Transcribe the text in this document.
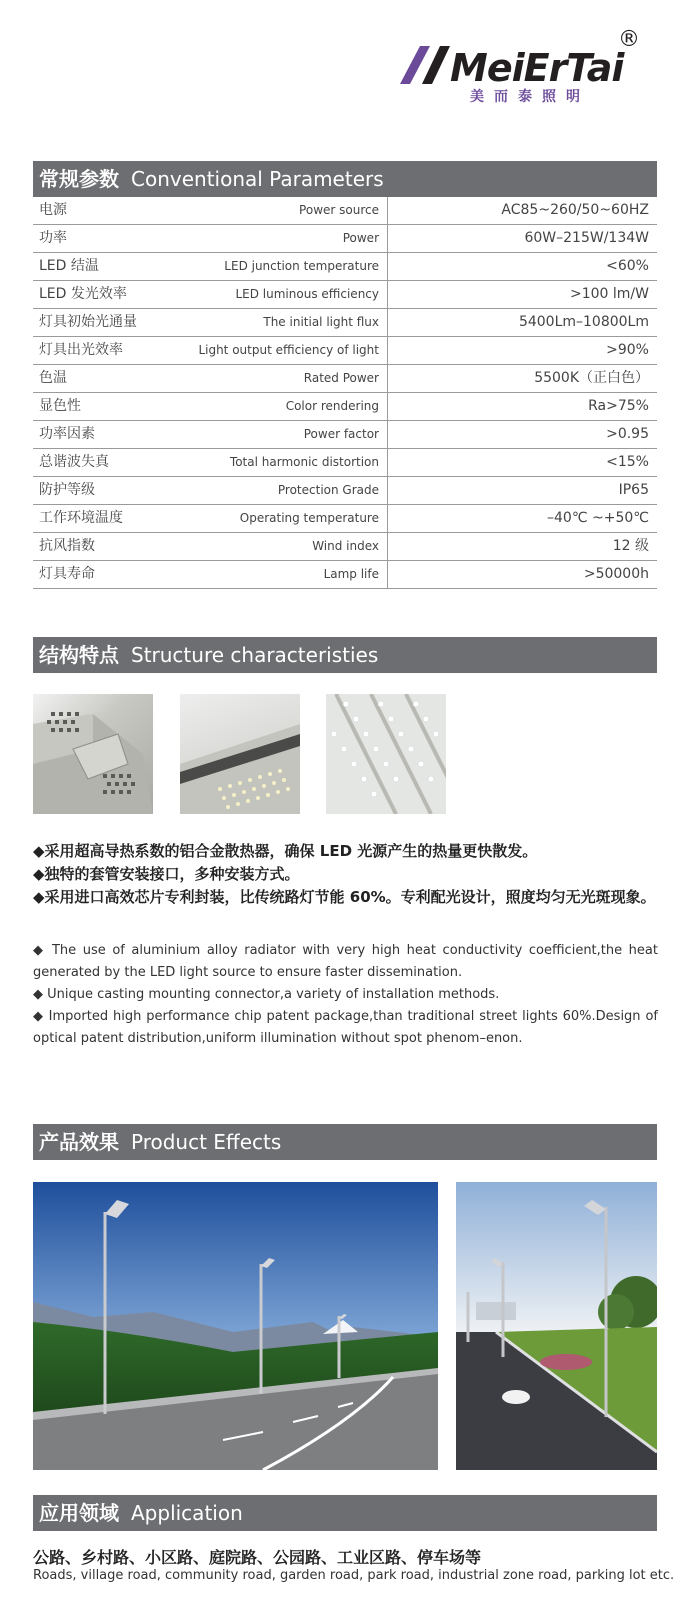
MeiErTai
美而泰照明
®
常规参数 Conventional Parameters
电源	Power source	AC85~260/50~60HZ
功率	Power	60W–215W/134W
LED 结温	LED junction temperature	<60%
LED 发光效率	LED luminous efficiency	>100 lm/W
灯具初始光通量	The initial light flux	5400Lm–10800Lm
灯具出光效率	Light output efficiency of light	>90%
色温	Rated Power	5500K（正白色）
显色性	Color rendering	Ra>75%
功率因素	Power factor	>0.95
总谐波失真	Total harmonic distortion	<15%
防护等级	Protection Grade	IP65
工作环境温度	Operating temperature	–40℃ ~+50℃
抗风指数	Wind index	12 级
灯具寿命	Lamp life	>50000h
结构特点 Structure characteristies
◆采用超高导热系数的铝合金散热器，确保 LED 光源产生的热量更快散发。
◆独特的套管安装接口，多种安装方式。
◆采用进口高效芯片专利封装，比传统路灯节能 60%。专利配光设计，照度均匀无光斑现象。
◆ The use of aluminium alloy radiator with very high heat conductivity coefficient,the heat generated by the LED light source to ensure faster dissemination.
◆ Unique casting mounting connector,a variety of installation methods.
◆ Imported high performance chip patent package,than traditional street lights 60%.Design of optical patent distribution,uniform illumination without spot phenom–enon.
产品效果 Product Effects
应用领域 Application
公路、乡村路、小区路、庭院路、公园路、工业区路、停车场等
Roads, village road, community road, garden road, park road, industrial zone road, parking lot etc.
